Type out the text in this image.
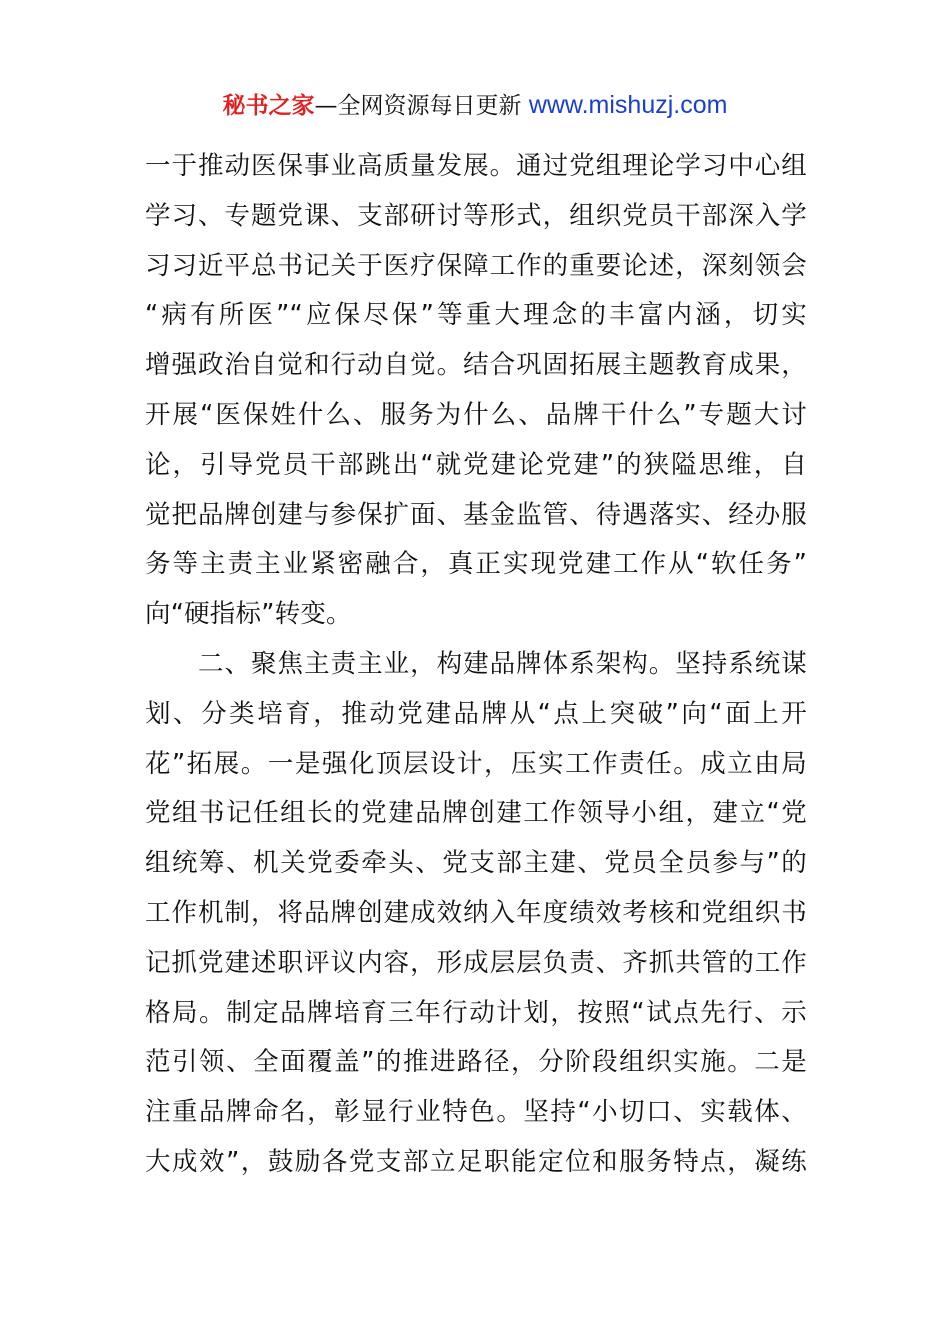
秘书之家—全网资源每日更新 www.mishuzj.com
一于推动医保事业高质量发展。通过党组理论学习中心组
学习、专题党课、支部研讨等形式，组织党员干部深入学
习习近平总书记关于医疗保障工作的重要论述，深刻领会
“病有所医”“应保尽保”等重大理念的丰富内涵，切实
增强政治自觉和行动自觉。结合巩固拓展主题教育成果，
开展“医保姓什么、服务为什么、品牌干什么”专题大讨
论，引导党员干部跳出“就党建论党建”的狭隘思维，自
觉把品牌创建与参保扩面、基金监管、待遇落实、经办服
务等主责主业紧密融合，真正实现党建工作从“软任务”
向“硬指标”转变。
　　二、聚焦主责主业，构建品牌体系架构。坚持系统谋
划、分类培育，推动党建品牌从“点上突破”向“面上开
花”拓展。一是强化顶层设计，压实工作责任。成立由局
党组书记任组长的党建品牌创建工作领导小组，建立“党
组统筹、机关党委牵头、党支部主建、党员全员参与”的
工作机制，将品牌创建成效纳入年度绩效考核和党组织书
记抓党建述职评议内容，形成层层负责、齐抓共管的工作
格局。制定品牌培育三年行动计划，按照“试点先行、示
范引领、全面覆盖”的推进路径，分阶段组织实施。二是
注重品牌命名，彰显行业特色。坚持“小切口、实载体、
大成效”，鼓励各党支部立足职能定位和服务特点，凝练
